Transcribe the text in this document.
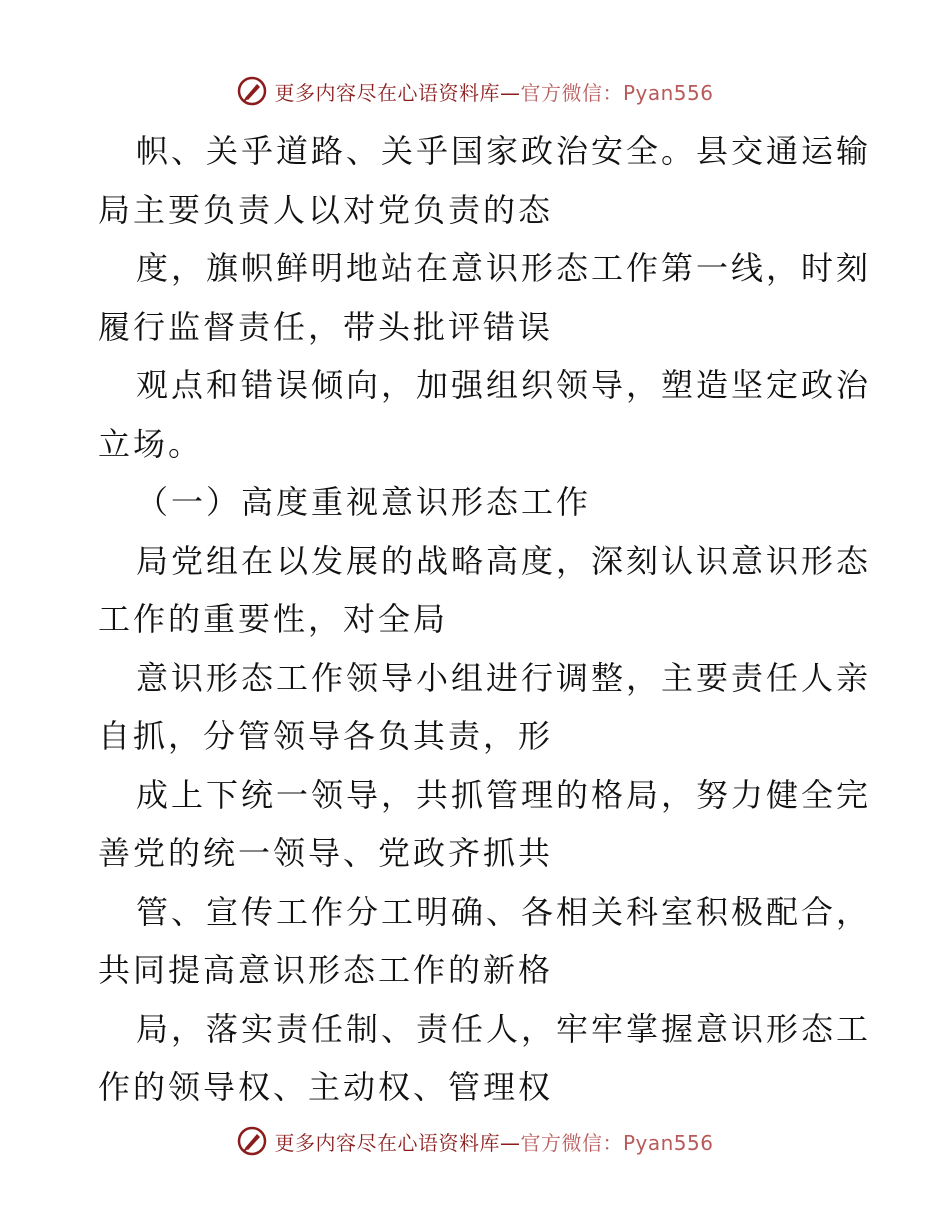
更多内容尽在心语资料库—官方微信：Pyan556
帜、关乎道路、关乎国家政治安全。县交通运输
局主要负责人以对党负责的态
度，旗帜鲜明地站在意识形态工作第一线，时刻
履行监督责任，带头批评错误
观点和错误倾向，加强组织领导，塑造坚定政治
立场。
（一）高度重视意识形态工作
局党组在以发展的战略高度，深刻认识意识形态
工作的重要性，对全局
意识形态工作领导小组进行调整，主要责任人亲
自抓，分管领导各负其责，形
成上下统一领导，共抓管理的格局，努力健全完
善党的统一领导、党政齐抓共
管、宣传工作分工明确、各相关科室积极配合，
共同提高意识形态工作的新格
局，落实责任制、责任人，牢牢掌握意识形态工
作的领导权、主动权、管理权
更多内容尽在心语资料库—官方微信：Pyan556
